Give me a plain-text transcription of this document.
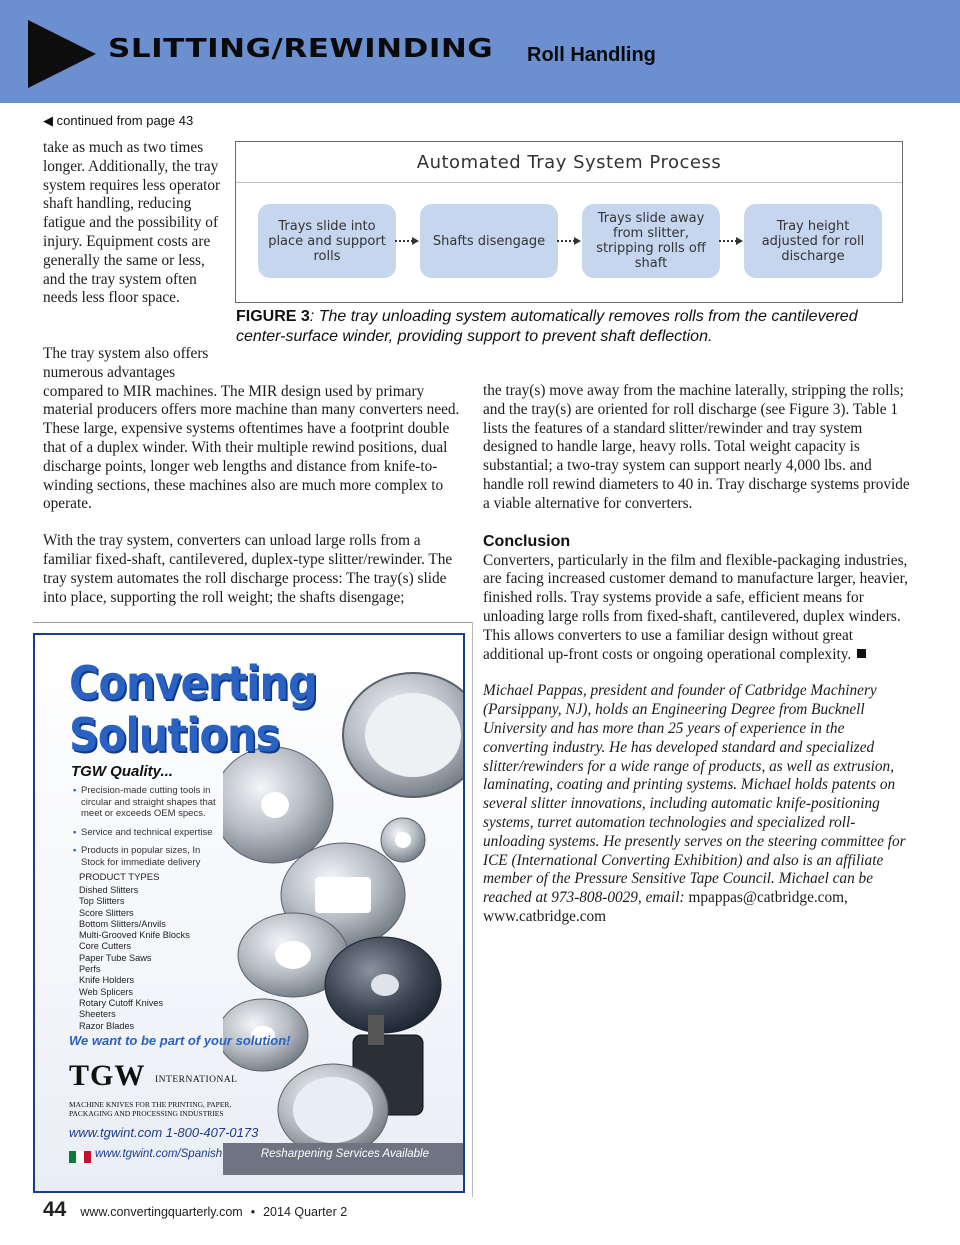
SLITTING/REWINDING Roll Handling
◀ continued from page 43

take as much as two times longer. Additionally, the tray system requires less operator shaft handling, reducing fatigue and the possibility of injury. Equipment costs are generally the same or less, and the tray system often needs less floor space.

Automated Tray System Process
Trays slide into place and support rolls
Shafts disengage
Trays slide away from slitter, stripping rolls off shaft
Tray height adjusted for roll discharge
FIGURE 3: The tray unloading system automatically removes rolls from the cantilevered center-surface winder, providing support to prevent shaft deflection.

The tray system also offers numerous advantages

compared to MIR machines. The MIR design used by primary material producers offers more machine than many converters need. These large, expensive systems oftentimes have a footprint double that of a duplex winder. With their multiple rewind positions, dual discharge points, longer web lengths and distance from knife-to-winding sections, these machines also are much more complex to operate.

With the tray system, converters can unload large rolls from a familiar fixed-shaft, cantilevered, duplex-type slitter/rewinder. The tray system automates the roll discharge process: The tray(s) slide into place, supporting the roll weight; the shafts disengage;

the tray(s) move away from the machine laterally, stripping the rolls; and the tray(s) are oriented for roll discharge (see Figure 3). Table 1 lists the features of a standard slitter/rewinder and tray system designed to handle large, heavy rolls. Total weight capacity is substantial; a two-tray system can support nearly 4,000 lbs. and handle roll rewind diameters to 40 in. Tray discharge systems provide a viable alternative for converters.

Conclusion

Converters, particularly in the film and flexible-packaging industries, are facing increased customer demand to manufacture larger, heavier, finished rolls. Tray systems provide a safe, efficient means for unloading large rolls from fixed-shaft, cantilevered, duplex winders. This allows converters to use a familiar design without great additional up-front costs or ongoing operational complexity.

Michael Pappas, president and founder of Catbridge Machinery (Parsippany, NJ), holds an Engineering Degree from Bucknell University and has more than 25 years of experience in the converting industry. He has developed standard and specialized slitter/rewinders for a wide range of products, as well as extrusion, laminating, coating and printing systems. Michael holds patents on several slitter innovations, including automatic knife-positioning systems, turret automation technologies and specialized roll-unloading systems. He presently serves on the steering committee for ICE (International Converting Exhibition) and also is an affiliate member of the Pressure Sensitive Tape Council. Michael can be reached at 973-808-0029, email: mpappas@catbridge.com, www.catbridge.com

Converting
Solutions
TGW Quality...
• Precision-made cutting tools in circular and straight shapes that meet or exceeds OEM specs.
• Service and technical expertise
• Products in popular sizes, In Stock for immediate delivery
PRODUCT TYPES
Dished Slitters
Top Slitters
Score Slitters
Bottom Slitters/Anvils
Multi-Grooved Knife Blocks
Core Cutters
Paper Tube Saws
Perfs
Knife Holders
Web Splicers
Rotary Cutoff Knives
Sheeters
Razor Blades
We want to be part of your solution!
TGW INTERNATIONAL
MACHINE KNIVES FOR THE PRINTING, PAPER, PACKAGING AND PROCESSING INDUSTRIES
www.tgwint.com 1-800-407-0173
www.tgwint.com/Spanish	Resharpening Services Available
44 www.convertingquarterly.com • 2014 Quarter 2
